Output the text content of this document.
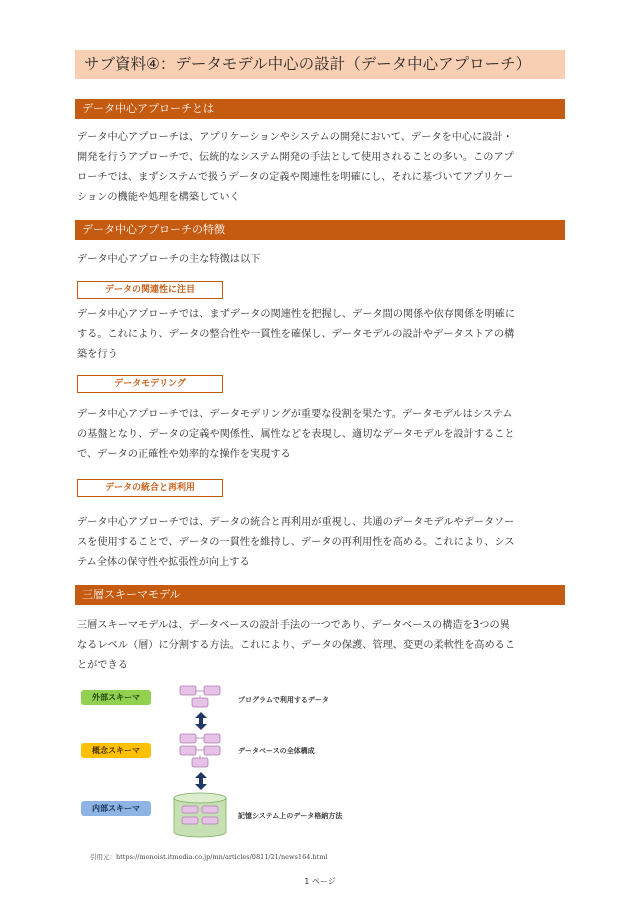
サブ資料④：データモデル中心の設計（データ中心アプローチ）
データ中心アプローチとは
データ中心アプローチは、アプリケーションやシステムの開発において、データを中心に設計・
開発を行うアプローチで、伝統的なシステム開発の手法として使用されることの多い。このアプ
ローチでは、まずシステムで扱うデータの定義や関連性を明確にし、それに基づいてアプリケー
ションの機能や処理を構築していく
データ中心アプローチの特徴
データ中心アプローチの主な特徴は以下
データの関連性に注目
データ中心アプローチでは、まずデータの関連性を把握し、データ間の関係や依存関係を明確に
する。これにより、データの整合性や一貫性を確保し、データモデルの設計やデータストアの構
築を行う
データモデリング
データ中心アプローチでは、データモデリングが重要な役割を果たす。データモデルはシステム
の基盤となり、データの定義や関係性、属性などを表現し、適切なデータモデルを設計すること
で、データの正確性や効率的な操作を実現する
データの統合と再利用
データ中心アプローチでは、データの統合と再利用が重視し、共通のデータモデルやデータソー
スを使用することで、データの一貫性を維持し、データの再利用性を高める。これにより、シス
テム全体の保守性や拡張性が向上する
三層スキーマモデル
三層スキーマモデルは、データベースの設計手法の一つであり、データベースの構造を3つの異
なるレベル（層）に分割する方法。これにより、データの保護、管理、変更の柔軟性を高めるこ
とができる
外部スキーマ
概念スキーマ
内部スキーマ
プログラムで利用するデータ
データベースの全体構成
記憶システム上のデータ格納方法
引用元：https://monoist.itmedia.co.jp/mn/articles/0811/21/news164.html
1 ページ
